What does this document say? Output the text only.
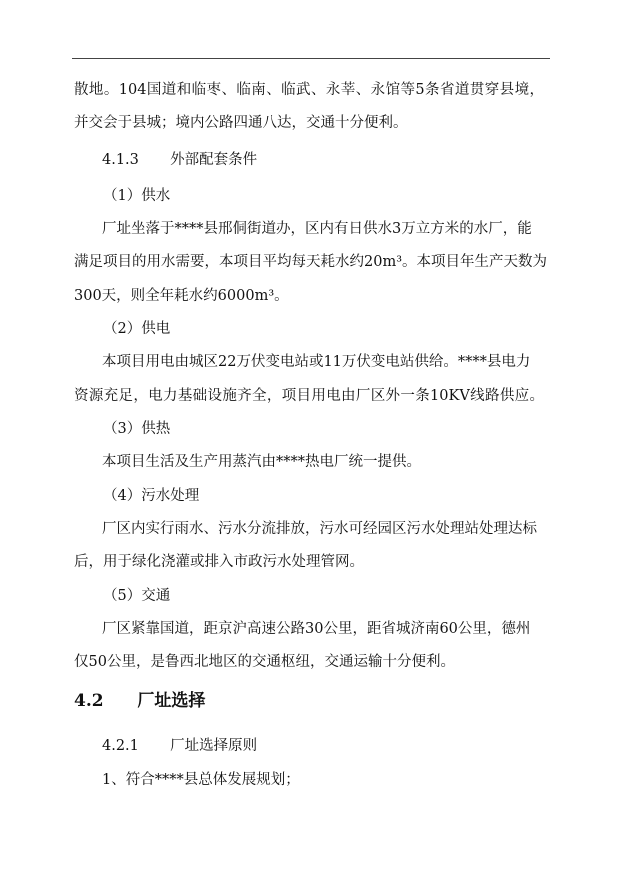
散地。104国道和临枣、临南、临武、永莘、永馆等5条省道贯穿县境，
并交会于县城；境内公路四通八达，交通十分便利。
4.1.3 外部配套条件
（1）供水
厂址坐落于****县邢侗街道办，区内有日供水3万立方米的水厂，能
满足项目的用水需要，本项目平均每天耗水约20m³。本项目年生产天数为
300天，则全年耗水约6000m³。
（2）供电
本项目用电由城区22万伏变电站或11万伏变电站供给。****县电力
资源充足，电力基础设施齐全，项目用电由厂区外一条10KV线路供应。
（3）供热
本项目生活及生产用蒸汽由****热电厂统一提供。
（4）污水处理
厂区内实行雨水、污水分流排放，污水可经园区污水处理站处理达标
后，用于绿化浇灌或排入市政污水处理管网。
（5）交通
厂区紧靠国道，距京沪高速公路30公里，距省城济南60公里，德州
仅50公里，是鲁西北地区的交通枢纽，交通运输十分便利。
4.2 厂址选择
4.2.1 厂址选择原则
1、符合****县总体发展规划；
